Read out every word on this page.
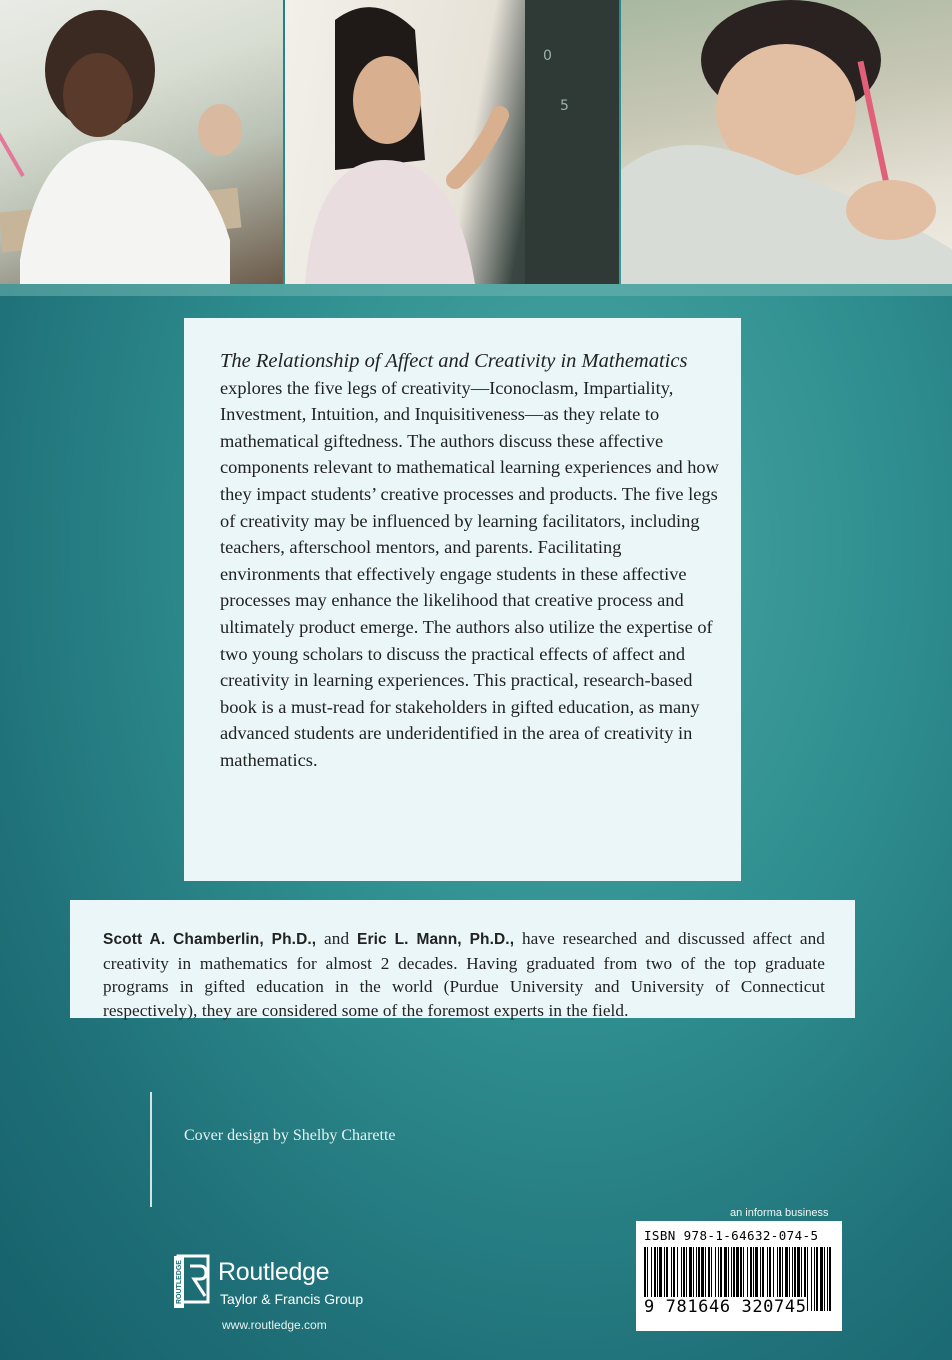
0
5

The Relationship of Affect and Creativity in Mathematics explores the five legs of creativity—Iconoclasm, Impartiality, Investment, Intuition, and Inquisitiveness—as they relate to mathematical giftedness. The authors discuss these affective components relevant to mathematical learning experiences and how they impact students’ creative processes and products. The five legs of creativity may be influenced by learning facilitators, including teachers, afterschool mentors, and parents. Facilitating environments that effectively engage students in these affective processes may enhance the likelihood that creative process and ultimately product emerge. The authors also utilize the expertise of two young scholars to discuss the practical effects of affect and creativity in learning experiences. This practical, research-based book is a must-read for stakeholders in gifted education, as many advanced students are underidentified in the area of creativity in mathematics.

Scott A. Chamberlin, Ph.D., and Eric L. Mann, Ph.D., have researched and discussed affect and creativity in mathematics for almost 2 decades. Having graduated from two of the top graduate programs in gifted education in the world (Purdue University and University of Connecticut respectively), they are considered some of the foremost experts in the field.

Cover design by Shelby Charette
ROUTLEDGE Routledge
Taylor & Francis Group
www.routledge.com
an informa business
ISBN 978-1-64632-074-5
9 781646 320745
